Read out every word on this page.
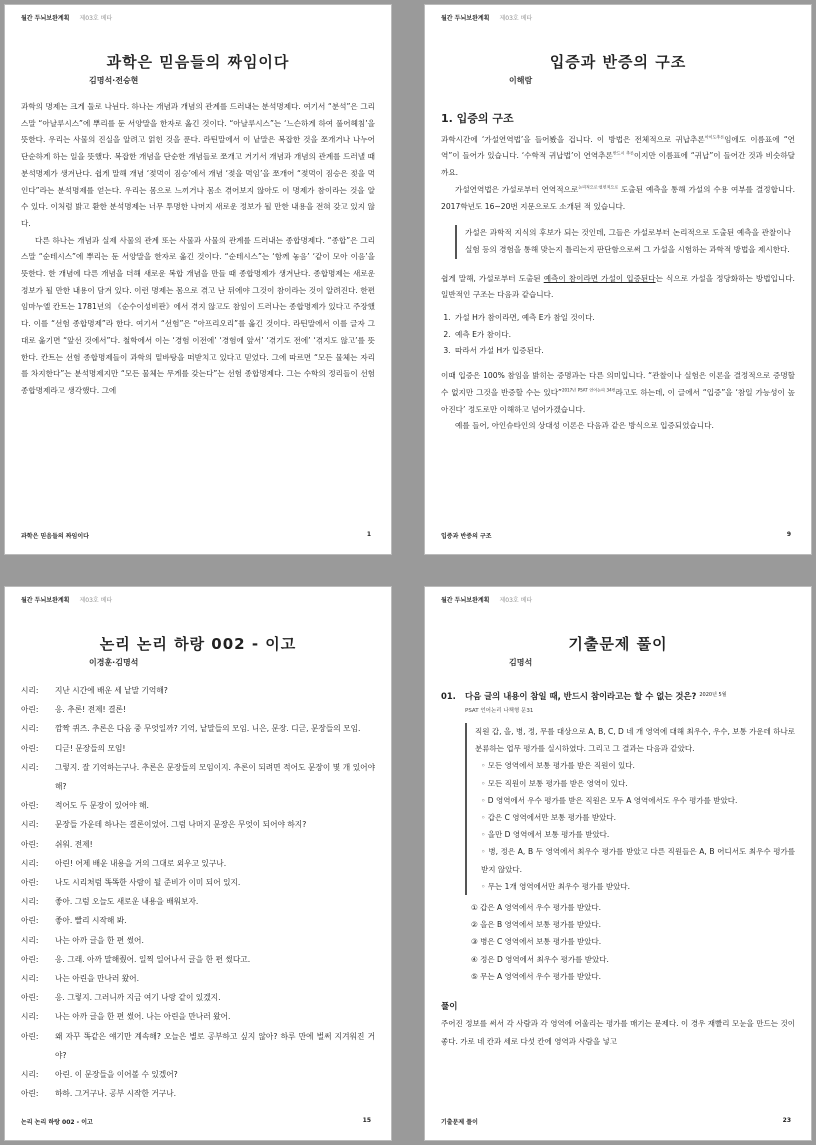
월간 두뇌보완계획 제03호 베타
과학은 믿음들의 짜임이다
김명석·전승현

과학의 명제는 크게 둘로 나뉜다. 하나는 개념과 개념의 관계를 드러내는 분석명제다. 여기서 “분석”은 그리스말 “아날루시스”에 뿌리를 둔 서양말을 한자로 옮긴 것이다. “아날루시스”는 ‘느슨하게 하여 풀어헤침’을 뜻한다. 우리는 사물의 진실을 알려고 얽힌 것을 푼다. 라틴말에서 이 낱말은 복잡한 것을 쪼개거나 나누어 단순하게 하는 일을 뜻했다. 복잡한 개념을 단순한 개념들로 쪼개고 거기서 개념과 개념의 관계를 드러낼 때 분석명제가 생겨난다. 쉽게 말해 개념 ‘젖먹이 짐승’에서 개념 ‘젖을 먹임’을 쪼개어 “젖먹이 짐승은 젖을 먹인다”라는 분석명제를 얻는다. 우리는 몸으로 느끼거나 몸소 겪어보지 않아도 이 명제가 참이라는 것을 알 수 있다. 이처럼 밝고 환한 분석명제는 너무 투명한 나머지 새로운 정보가 될 만한 내용을 전혀 갖고 있지 않다.

다른 하나는 개념과 실제 사물의 관계 또는 사물과 사물의 관계를 드러내는 종합명제다. “종합”은 그리스말 “순테시스”에 뿌리는 둔 서양말을 한자로 옮긴 것이다. “순테시스”는 ‘함께 놓음’ ‘같이 모아 이음’을 뜻한다. 한 개념에 다른 개념을 더해 새로운 복합 개념을 만들 때 종합명제가 생겨난다. 종합명제는 새로운 정보가 될 만한 내용이 담겨 있다. 이런 명제는 몸으로 겪고 난 뒤에야 그것이 참이라는 것이 알려진다. 한편 임마누엘 칸트는 1781년의 《순수이성비판》에서 겪지 않고도 참임이 드러나는 종합명제가 있다고 주장했다. 이를 “선험 종합명제”라 한다. 여기서 “선험”은 “아프리오리”를 옮긴 것이다. 라틴말에서 이를 글자 그대로 옮기면 “앞선 것에서”다. 철학에서 이는 ‘경험 이전에’ ‘경험에 앞서’ ‘겪기도 전에’ ‘겪지도 않고’를 뜻한다. 칸트는 선험 종합명제들이 과학의 밑바탕을 떠받치고 있다고 믿었다. 그에 따르면 “모든 물체는 자리를 차지한다”는 분석명제지만 “모든 물체는 무게를 갖는다”는 선험 종합명제다. 그는 수학의 정리들이 선험 종합명제라고 생각했다. 그에

과학은 믿음들의 짜임이다	1
월간 두뇌보완계획 제03호 베타
입증과 반증의 구조
이해람
1. 입증의 구조

과학시간에 ‘가설연역법’을 들어봤을 겁니다. 이 방법은 전체적으로 귀납추론$^{아이도추론}$임에도 이름표에 “연역”이 들어가 있습니다. ‘수학적 귀납법’이 연역추론$^{반드시 추론}$이지만 이름표에 “귀납”이 들어간 것과 비슷하달까요.

가설연역법은 가설로부터 연역적으로$^{논리적으로\cdot 필연적으로}$ 도출된 예측을 통해 가설의 수용 여부를 결정합니다. 2017학년도 16~20번 지문으로도 소개된 적 있습니다.

가설은 과학적 지식의 후보가 되는 것인데, 그들은 가설로부터 논리적으로 도출된 예측을 관찰이나 실험 등의 경험을 통해 맞는지 틀리는지 판단함으로써 그 가설을 시험하는 과학적 방법을 제시한다.

쉽게 말해, 가설로부터 도출된 예측이 참이라면 가설이 입증된다는 식으로 가설을 정당화하는 방법입니다. 일반적인 구조는 다음과 같습니다.

1. 가설 H가 참이라면, 예측 E가 참일 것이다.
2. 예측 E가 참이다.
3. 따라서 가설 H가 입증된다.

이때 입증은 100% 참임을 밝히는 증명과는 다른 의미입니다. “관찰이나 실험은 이론을 결정적으로 증명할 수 없지만 그것을 반증할 수는 있다”$^{2017년 PSAT 언어논리 34번}$라고도 하는데, 이 글에서 “입증”을 ‘참일 가능성이 높아진다’ 정도로만 이해하고 넘어가겠습니다.

예를 들어, 아인슈타인의 상대성 이론은 다음과 같은 방식으로 입증되었습니다.

입증과 반증의 구조	9
월간 두뇌보완계획 제03호 베타
논리 논리 하랑 002 - 이고
이경훈·김명석
시리:	지난 시간에 배운 세 낱말 기억해?
아린:	응. 추론! 전제! 결론!
시리:	깜짝 퀴즈. 추론은 다음 중 무엇일까? 기억, 낱말들의 모임. 니은, 문장. 디귿, 문장들의 모임.
아린:	디귿! 문장들의 모임!
시리:	그렇지. 잘 기억하는구나. 추론은 문장들의 모임이지. 추론이 되려면 적어도 문장이 몇 개 있어야 해?
아린:	적어도 두 문장이 있어야 해.
시리:	문장들 가운데 하나는 결론이었어. 그럼 나머지 문장은 무엇이 되어야 하지?
아린:	쉬워. 전제!
시리:	아린! 어제 배운 내용을 거의 그대로 외우고 있구나.
아린:	나도 시리처럼 똑똑한 사람이 될 준비가 이미 되어 있지.
시리:	좋아. 그럼 오늘도 새로운 내용을 배워보자.
아린:	좋아. 빨리 시작해 봐.
시리:	나는 아까 글을 한 편 썼어.
아린:	응. 그래. 아까 말해줬어. 일찍 일어나서 글을 한 편 썼다고.
시리:	나는 아린을 만나러 왔어.
아린:	응. 그렇지. 그러니까 지금 여기 나랑 같이 있겠지.
시리:	나는 아까 글을 한 편 썼어. 나는 아린을 만나러 왔어.
아린:	왜 자꾸 똑같은 얘기만 계속해? 오늘은 별로 공부하고 싶지 않아? 하루 만에 벌써 지겨워진 거야?
시리:	아린. 이 문장들을 이어볼 수 있겠어?
아린:	하하. 그거구나. 공부 시작한 거구나.
논리 논리 하랑 002 - 이고	15
월간 두뇌보완계획 제03호 베타
기출문제 풀이
김명석
01.	다음 글의 내용이 참일 때, 반드시 참이라고는 할 수 없는 것은? $^{2020년 5월}$
PSAT 언어논리 나책형 문31
직원 갑, 을, 병, 정, 무를 대상으로 A, B, C, D 네 개 영역에 대해 최우수, 우수, 보통 가운데 하나로 분류하는 업무 평가를 실시하였다. 그리고 그 결과는 다음과 같았다.
◦ 모든 영역에서 보통 평가를 받은 직원이 있다.
◦ 모든 직원이 보통 평가를 받은 영역이 있다.
◦ D 영역에서 우수 평가를 받은 직원은 모두 A 영역에서도 우수 평가를 받았다.
◦ 갑은 C 영역에서만 보통 평가를 받았다.
◦ 을만 D 영역에서 보통 평가를 받았다.
◦ 병, 정은 A, B 두 영역에서 최우수 평가를 받았고 다른 직원들은 A, B 어디서도 최우수 평가를 받지 않았다.
◦ 무는 1개 영역에서만 최우수 평가를 받았다.
① 갑은 A 영역에서 우수 평가를 받았다.
② 을은 B 영역에서 보통 평가를 받았다.
③ 병은 C 영역에서 보통 평가를 받았다.
④ 정은 D 영역에서 최우수 평가를 받았다.
⑤ 무는 A 영역에서 우수 평가를 받았다.
풀이
주어진 정보를 써서 각 사람과 각 영역에 어울리는 평가를 매기는 문제다. 이 경우 재빨리 모눈을 만드는 것이 좋다. 가로 네 칸과 세로 다섯 칸에 영역과 사람을 넣고
기출문제 풀이	23
